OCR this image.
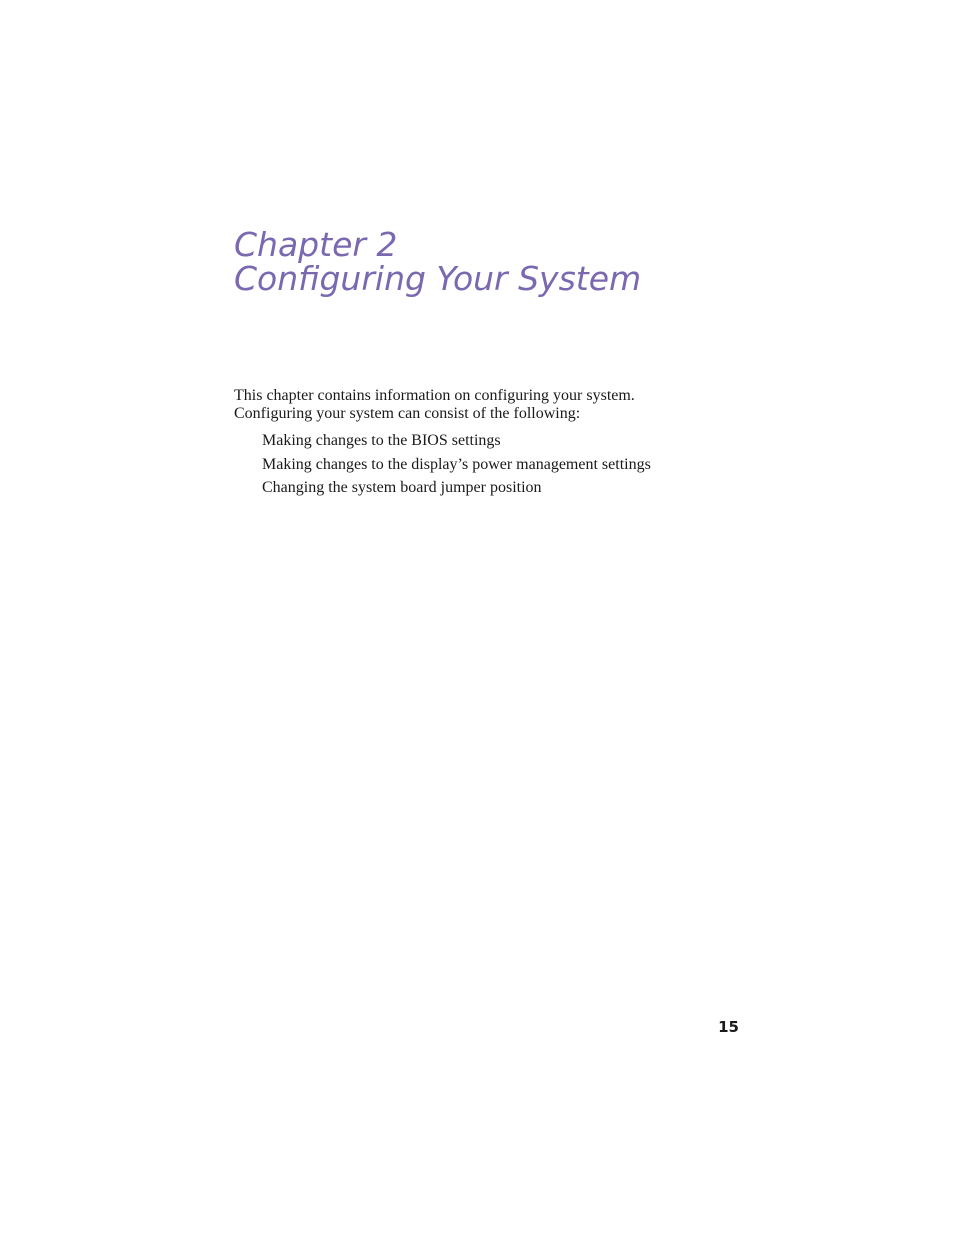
Chapter 2
Configuring Your System

This chapter contains information on configuring your system.
Configuring your system can consist of the following:

Making changes to the BIOS settings
Making changes to the display’s power management settings
Changing the system board jumper position
15
